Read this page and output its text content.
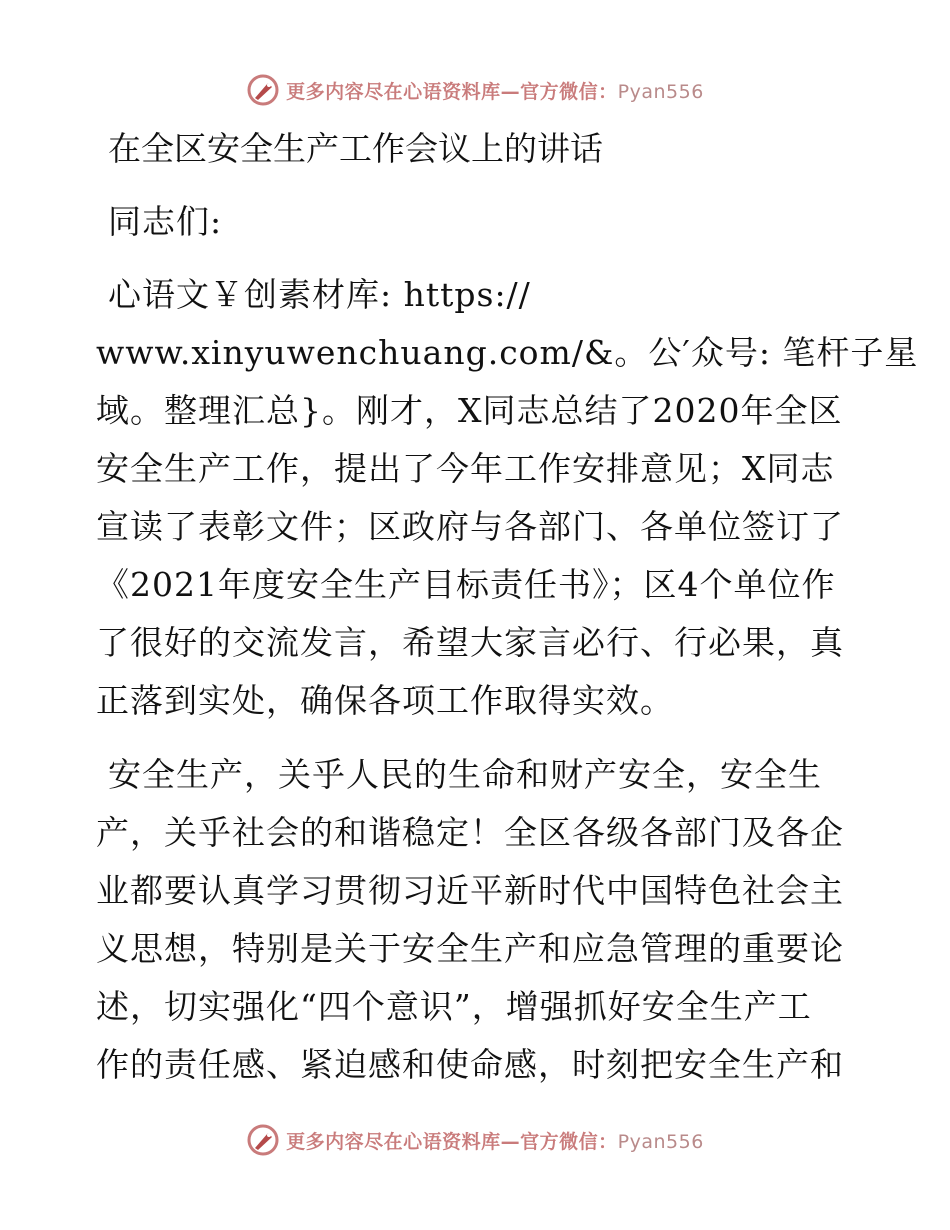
更多内容尽在心语资料库—官方微信：Pyan556
在全区安全生产工作会议上的讲话

同志们:

心语文￥创素材库: https://
www.xinyuwenchuang.com/&。公′众号: 笔杆子星
域。整理汇总}。刚才，X同志总结了2020年全区
安全生产工作，提出了今年工作安排意见；X同志
宣读了表彰文件；区政府与各部门、各单位签订了
《2021年度安全生产目标责任书》；区4个单位作
了很好的交流发言，希望大家言必行、行必果，真
正落到实处，确保各项工作取得实效。

安全生产，关乎人民的生命和财产安全，安全生
产，关乎社会的和谐稳定！全区各级各部门及各企
业都要认真学习贯彻习近平新时代中国特色社会主
义思想，特别是关于安全生产和应急管理的重要论
述，切实强化“四个意识”，增强抓好安全生产工
作的责任感、紧迫感和使命感，时刻把安全生产和

更多内容尽在心语资料库—官方微信：Pyan556
